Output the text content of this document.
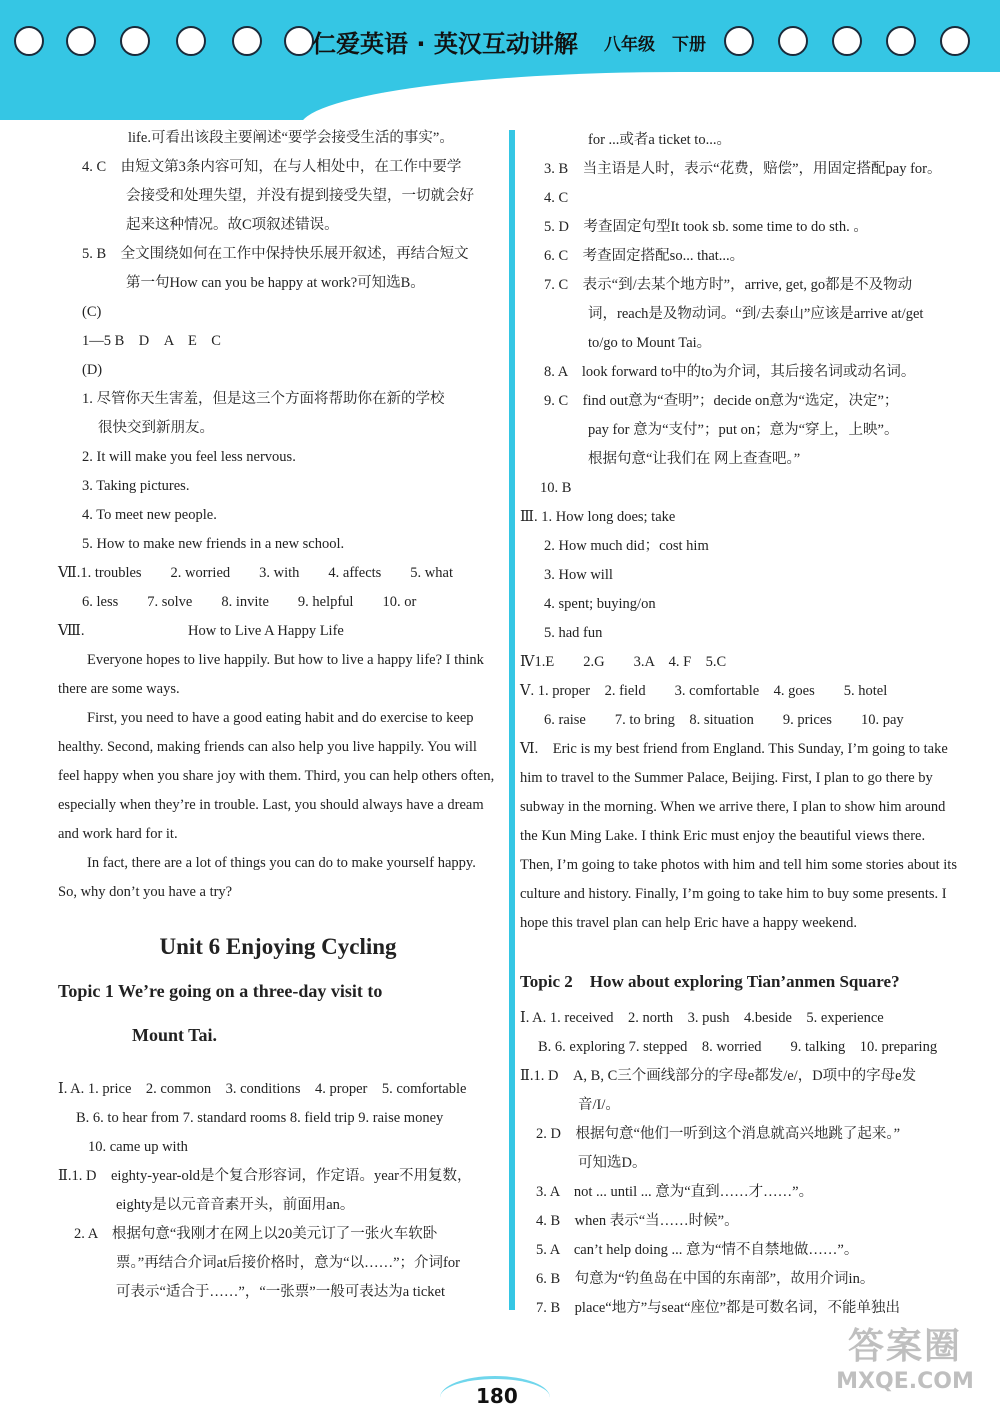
仁爱英语 · 英汉互动讲解 八年级 下册

life.可看出该段主要阐述“要学会接受生活的事实”。

4. C　由短文第3条内容可知，在与人相处中，在工作中要学

会接受和处理失望，并没有提到接受失望，一切就会好

起来这种情况。故C项叙述错误。

5. B　全文围绕如何在工作中保持快乐展开叙述，再结合短文

第一句How can you be happy at work?可知选B。

(C)

1—5 B　D　A　E　C

(D)

1. 尽管你天生害羞，但是这三个方面将帮助你在新的学校

很快交到新朋友。

2. It will make you feel less nervous.

3. Taking pictures.

4. To meet new people.

5. How to make new friends in a new school.

Ⅶ.1. troubles　　2. worried　　3. with　　4. affects　　5. what

6. less　　7. solve　　8. invite　　9. helpful　　10. or

Ⅷ.	How to Live A Happy Life

Everyone hopes to live happily. But how to live a happy life? I think there are some ways.

First, you need to have a good eating habit and do exercise to keep healthy. Second, making friends can also help you live happily. You will feel happy when you share joy with them. Third, you can help others often, especially when they’re in trouble. Last, you should always have a dream and work hard for it.

In fact, there are a lot of things you can do to make yourself happy. So, why don’t you have a try?

Unit 6 Enjoying Cycling

Topic 1 We’re going on a three-day visit to

Mount Tai.

Ⅰ. A. 1. price　2. common　3. conditions　4. proper　5. comfortable

B. 6. to hear from 7. standard rooms 8. field trip 9. raise money

10. came up with

Ⅱ.1. D　eighty-year-old是个复合形容词，作定语。year不用复数，

eighty是以元音音素开头，前面用an。

2. A　根据句意“我刚才在网上以20美元订了一张火车软卧

票。”再结合介词at后接价格时，意为“以……”；介词for

可表示“适合于……”，“一张票”一般可表达为a ticket

for ...或者a ticket to...。

3. B　当主语是人时，表示“花费，赔偿”，用固定搭配pay for。

4. C

5. D　考查固定句型It took sb. some time to do sth. 。

6. C　考查固定搭配so... that...。

7. C　表示“到/去某个地方时”，arrive, get, go都是不及物动

词，reach是及物动词。“到/去泰山”应该是arrive at/get

to/go to Mount Tai。

8. A　look forward to中的to为介词，其后接名词或动名词。

9. C　find out意为“查明”；decide on意为“选定，决定”；

pay for 意为“支付”；put on；意为“穿上，上映”。

根据句意“让我们在 网上查查吧。”

10. B

Ⅲ. 1. How long does; take

2. How much did；cost him

3. How will

4. spent; buying/on

5. had fun

Ⅳ1.E　　2.G　　3.A　4. F　5.C

Ⅴ. 1. proper　2. field　　3. comfortable　4. goes　　5. hotel

6. raise　　7. to bring　8. situation　　9. prices　　10. pay

Ⅵ.　Eric is my best friend from England. This Sunday, I’m going to take him to travel to the Summer Palace, Beijing. First, I plan to go there by subway in the morning. When we arrive there, I plan to show him around the Kun Ming Lake. I think Eric must enjoy the beautiful views there. Then, I’m going to take photos with him and tell him some stories about its culture and history. Finally, I’m going to take him to buy some presents. I hope this travel plan can help Eric have a happy weekend.

Topic 2　How about exploring Tian’anmen Square?

Ⅰ. A. 1. received　2. north　3. push　4.beside　5. experience

B. 6. exploring 7. stepped　8. worried　　9. talking　10. preparing

Ⅱ.1. D　A, B, C三个画线部分的字母e都发/e/，D项中的字母e发

音/I/。

2. D　根据句意“他们一听到这个消息就高兴地跳了起来。”

可知选D。

3. A　not ... until ... 意为“直到……才……”。

4. B　when 表示“当……时候”。

5. A　can’t help doing ... 意为“情不自禁地做……”。

6. B　句意为“钓鱼岛在中国的东南部”，故用介词in。

7. B　place“地方”与seat“座位”都是可数名词，不能单独出

180
答案圈
MXQE.COM
